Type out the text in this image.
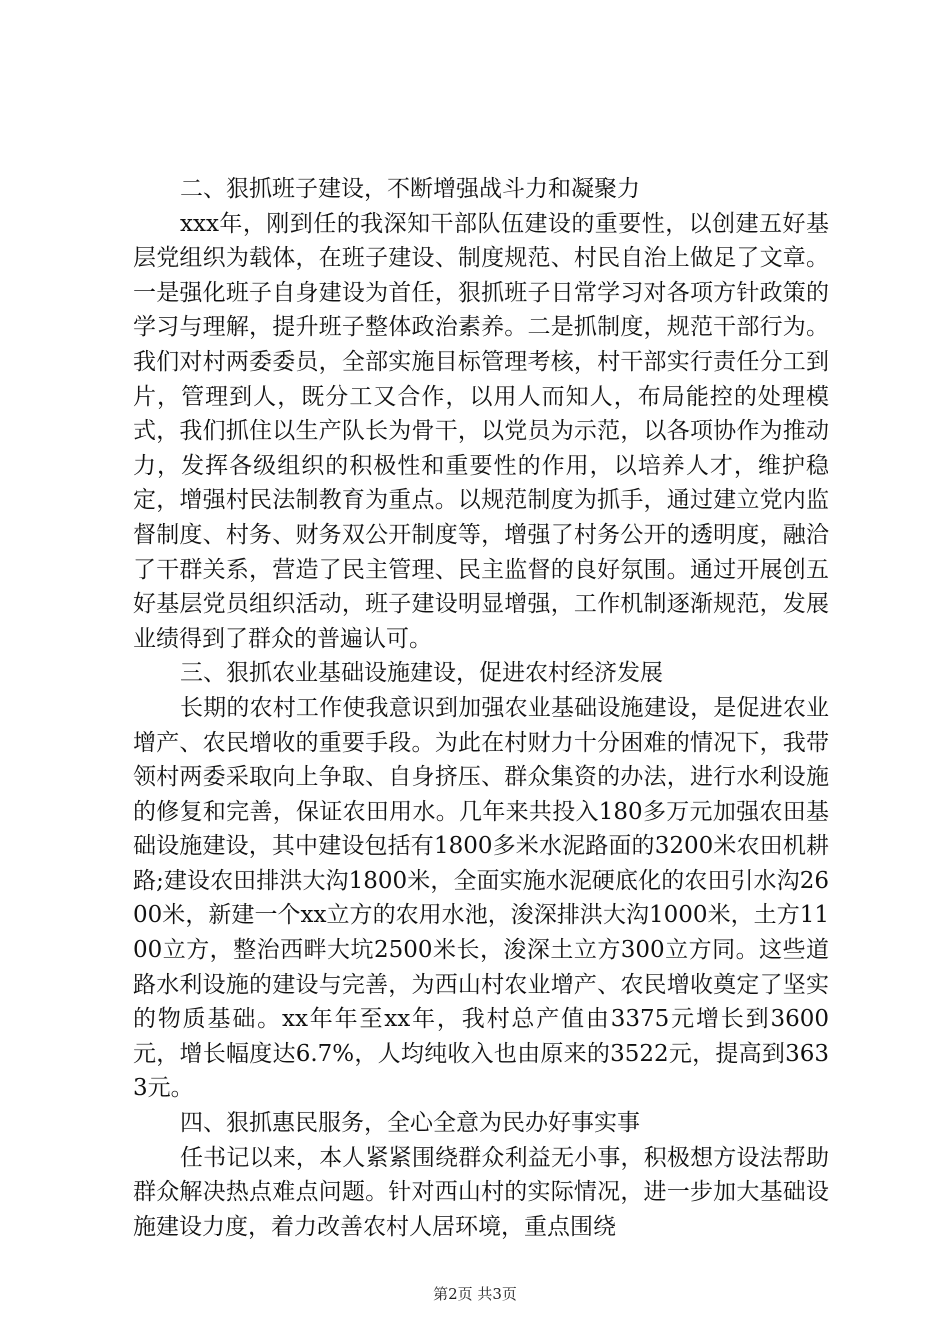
二、狠抓班子建设，不断增强战斗力和凝聚力

xxx年，刚到任的我深知干部队伍建设的重要性，以创建五好基层党组织为载体，在班子建设、制度规范、村民自治上做足了文章。一是强化班子自身建设为首任，狠抓班子日常学习对各项方针政策的学习与理解，提升班子整体政治素养。二是抓制度，规范干部行为。我们对村两委委员，全部实施目标管理考核，村干部实行责任分工到片，管理到人，既分工又合作，以用人而知人，布局能控的处理模式，我们抓住以生产队长为骨干，以党员为示范，以各项协作为推动力，发挥各级组织的积极性和重要性的作用，以培养人才，维护稳定，增强村民法制教育为重点。以规范制度为抓手，通过建立党内监督制度、村务、财务双公开制度等，增强了村务公开的透明度，融洽了干群关系，营造了民主管理、民主监督的良好氛围。通过开展创五好基层党员组织活动，班子建设明显增强，工作机制逐渐规范，发展业绩得到了群众的普遍认可。

三、狠抓农业基础设施建设，促进农村经济发展

长期的农村工作使我意识到加强农业基础设施建设，是促进农业增产、农民增收的重要手段。为此在村财力十分困难的情况下，我带领村两委采取向上争取、自身挤压、群众集资的办法，进行水利设施的修复和完善，保证农田用水。几年来共投入180多万元加强农田基础设施建设，其中建设包括有1800多米水泥路面的3200米农田机耕路;建设农田排洪大沟1800米，全面实施水泥硬底化的农田引水沟2600米，新建一个xx立方的农用水池，浚深排洪大沟1000米，土方1100立方，整治西畔大坑2500米长，浚深土立方300立方同。这些道路水利设施的建设与完善，为西山村农业增产、农民增收奠定了坚实的物质基础。xx年年至xx年，我村总产值由3375元增长到3600元，增长幅度达6.7%，人均纯收入也由原来的3522元，提高到3633元。

四、狠抓惠民服务，全心全意为民办好事实事

任书记以来，本人紧紧围绕群众利益无小事，积极想方设法帮助群众解决热点难点问题。针对西山村的实际情况，进一步加大基础设施建设力度，着力改善农村人居环境，重点围绕

第2页 共3页
